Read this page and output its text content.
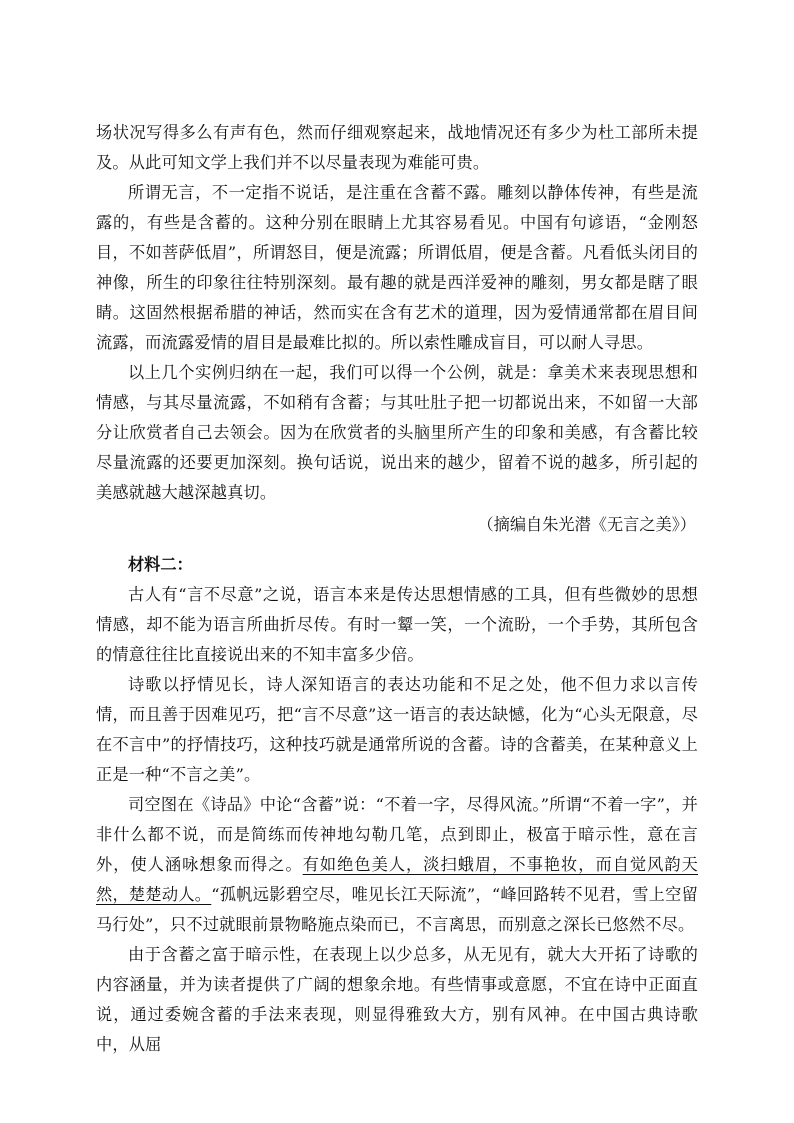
场状况写得多么有声有色，然而仔细观察起来，战地情况还有多少为杜工部所未提及。从此可知文学上我们并不以尽量表现为难能可贵。

所谓无言，不一定指不说话，是注重在含蓄不露。雕刻以静体传神，有些是流露的，有些是含蓄的。这种分别在眼睛上尤其容易看见。中国有句谚语，“金刚怒目，不如菩萨低眉”，所谓怒目，便是流露；所谓低眉，便是含蓄。凡看低头闭目的神像，所生的印象往往特别深刻。最有趣的就是西洋爱神的雕刻，男女都是瞎了眼睛。这固然根据希腊的神话，然而实在含有艺术的道理，因为爱情通常都在眉目间流露，而流露爱情的眉目是最难比拟的。所以索性雕成盲目，可以耐人寻思。

以上几个实例归纳在一起，我们可以得一个公例，就是：拿美术来表现思想和情感，与其尽量流露，不如稍有含蓄；与其吐肚子把一切都说出来，不如留一大部分让欣赏者自己去领会。因为在欣赏者的头脑里所产生的印象和美感，有含蓄比较尽量流露的还要更加深刻。换句话说，说出来的越少，留着不说的越多，所引起的美感就越大越深越真切。

（摘编自朱光潜《无言之美》）

材料二：

古人有“言不尽意”之说，语言本来是传达思想情感的工具，但有些微妙的思想情感，却不能为语言所曲折尽传。有时一颦一笑，一个流盼，一个手势，其所包含的情意往往比直接说出来的不知丰富多少倍。

诗歌以抒情见长，诗人深知语言的表达功能和不足之处，他不但力求以言传情，而且善于因难见巧，把“言不尽意”这一语言的表达缺憾，化为“心头无限意，尽在不言中”的抒情技巧，这种技巧就是通常所说的含蓄。诗的含蓄美，在某种意义上正是一种“不言之美”。

司空图在《诗品》中论“含蓄”说：“不着一字，尽得风流。”所谓“不着一字”，并非什么都不说，而是简练而传神地勾勒几笔，点到即止，极富于暗示性，意在言外，使人涵咏想象而得之。有如绝色美人，淡扫蛾眉，不事艳妆，而自觉风韵天然，楚楚动人。“孤帆远影碧空尽，唯见长江天际流”，“峰回路转不见君，雪上空留马行处”，只不过就眼前景物略施点染而已，不言离思，而别意之深长已悠然不尽。

由于含蓄之富于暗示性，在表现上以少总多，从无见有，就大大开拓了诗歌的内容涵量，并为读者提供了广阔的想象余地。有些情事或意愿，不宜在诗中正面直说，通过委婉含蓄的手法来表现，则显得雅致大方，别有风神。在中国古典诗歌中，从屈
